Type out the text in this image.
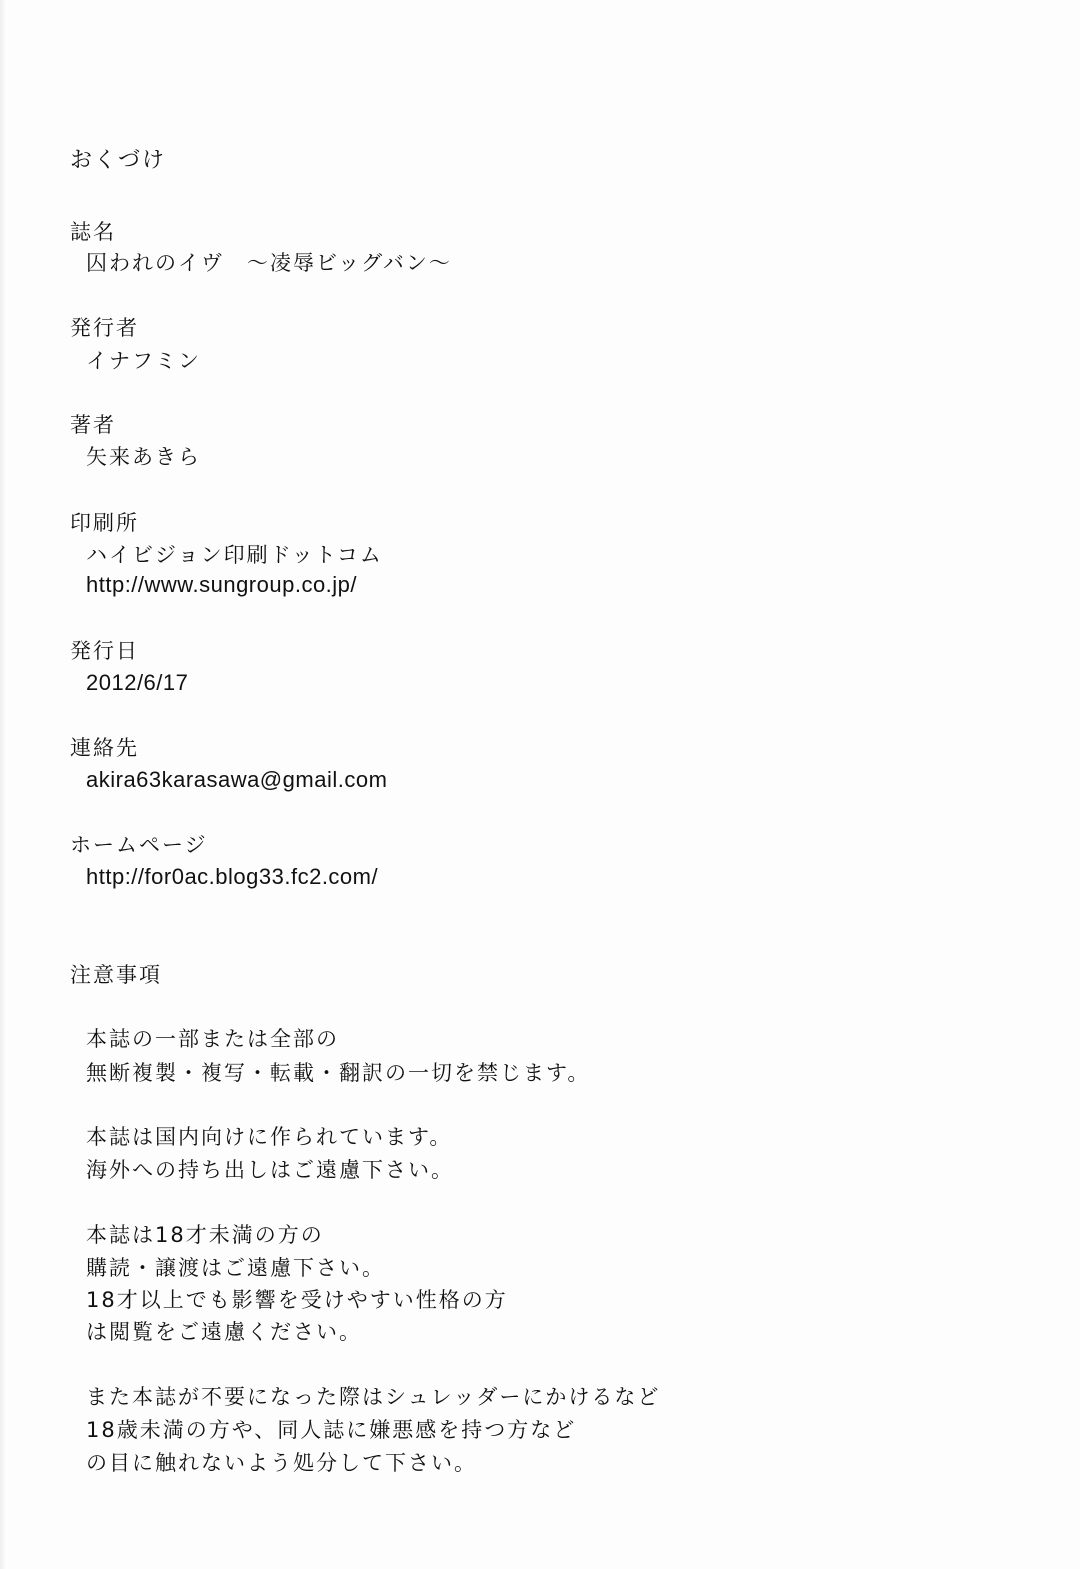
おくづけ
誌名
囚われのイヴ　〜凌辱ビッグバン〜
発行者
イナフミン
著者
矢来あきら
印刷所
ハイビジョン印刷ドットコム
http://www.sungroup.co.jp/
発行日
2012/6/17
連絡先
akira63karasawa@gmail.com
ホームページ
http://for0ac.blog33.fc2.com/
注意事項
本誌の一部または全部の
無断複製・複写・転載・翻訳の一切を禁じます。
本誌は国内向けに作られています。
海外への持ち出しはご遠慮下さい。
本誌は18才未満の方の
購読・譲渡はご遠慮下さい。
18才以上でも影響を受けやすい性格の方
は閲覧をご遠慮ください。
また本誌が不要になった際はシュレッダーにかけるなど
18歳未満の方や、同人誌に嫌悪感を持つ方など
の目に触れないよう処分して下さい。
